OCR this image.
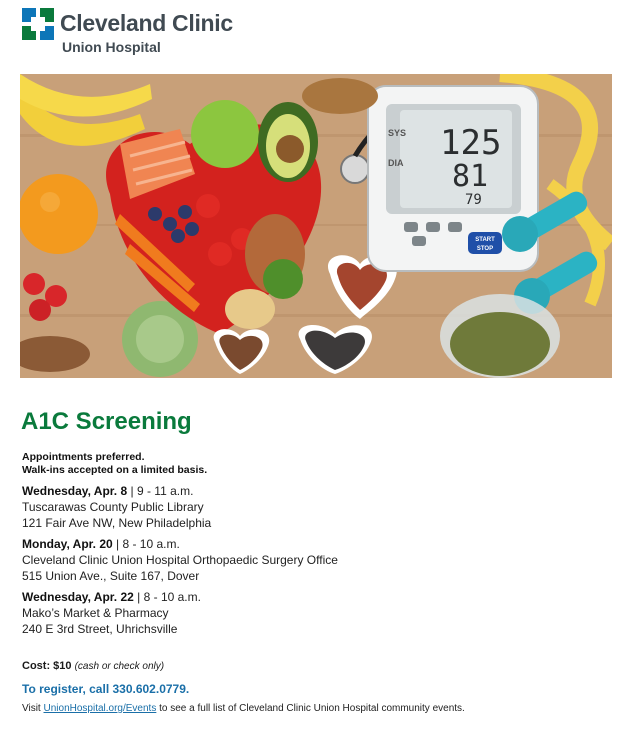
Cleveland Clinic
Union Hospital
SYS
DIA 125
81
79
START
STOP
A1C Screening
Appointments preferred.
Walk-ins accepted on a limited basis.
Wednesday, Apr. 8 | 9 - 11 a.m.
Tuscarawas County Public Library
121 Fair Ave NW, New Philadelphia
Monday, Apr. 20 | 8 - 10 a.m.
Cleveland Clinic Union Hospital Orthopaedic Surgery Office
515 Union Ave., Suite 167, Dover
Wednesday, Apr. 22 | 8 - 10 a.m.
Mako’s Market & Pharmacy
240 E 3rd Street, Uhrichsville
Cost: $10 (cash or check only)
To register, call 330.602.0779.
Visit UnionHospital.org/Events to see a full list of Cleveland Clinic Union Hospital community events.
